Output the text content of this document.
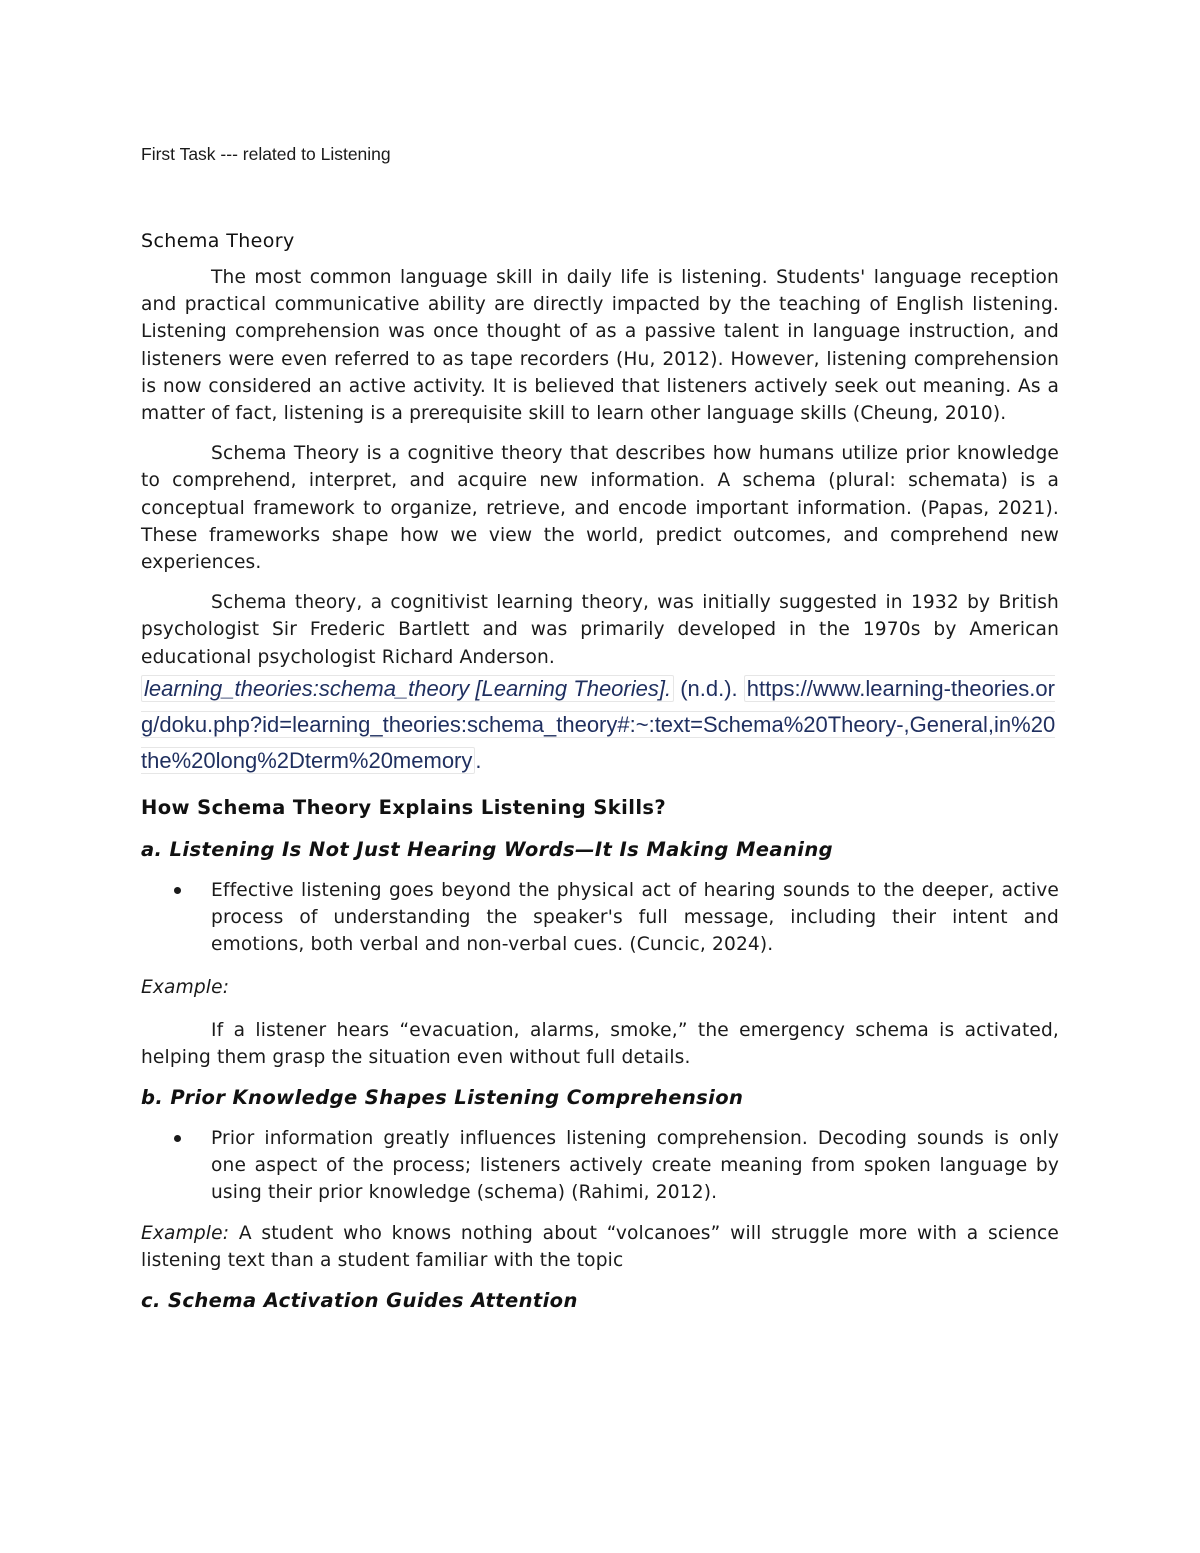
First Task --- related to Listening

Schema Theory

The most common language skill in daily life is listening. Students' language reception and practical communicative ability are directly impacted by the teaching of English listening. Listening comprehension was once thought of as a passive talent in language instruction, and listeners were even referred to as tape recorders (Hu, 2012). However, listening comprehension is now considered an active activity. It is believed that listeners actively seek out meaning. As a matter of fact, listening is a prerequisite skill to learn other language skills (Cheung, 2010).

Schema Theory is a cognitive theory that describes how humans utilize prior knowledge to comprehend, interpret, and acquire new information. A schema (plural: schemata) is a conceptual framework to organize, retrieve, and encode important information. (Papas, 2021). These frameworks shape how we view the world, predict outcomes, and comprehend new experiences.

Schema theory, a cognitivist learning theory, was initially suggested in 1932 by British psychologist Sir Frederic Bartlett and was primarily developed in the 1970s by American educational psychologist Richard Anderson.

learning_theories:schema_theory [Learning Theories]. (n.d.). https://www.learning-theories.org/doku.php?id=learning_theories:schema_theory#:~:text=Schema%20Theory-,General,in%20the%20long%2Dterm%20memory .

How Schema Theory Explains Listening Skills?
a. Listening Is Not Just Hearing Words—It Is Making Meaning
Effective listening goes beyond the physical act of hearing sounds to the deeper, active process of understanding the speaker's full message, including their intent and emotions, both verbal and non-verbal cues. (Cuncic, 2024).

Example:

If a listener hears “evacuation, alarms, smoke,” the emergency schema is activated, helping them grasp the situation even without full details.

b. Prior Knowledge Shapes Listening Comprehension
Prior information greatly influences listening comprehension. Decoding sounds is only one aspect of the process; listeners actively create meaning from spoken language by using their prior knowledge (schema) (Rahimi, 2012).

Example: A student who knows nothing about “volcanoes” will struggle more with a science listening text than a student familiar with the topic

c. Schema Activation Guides Attention
